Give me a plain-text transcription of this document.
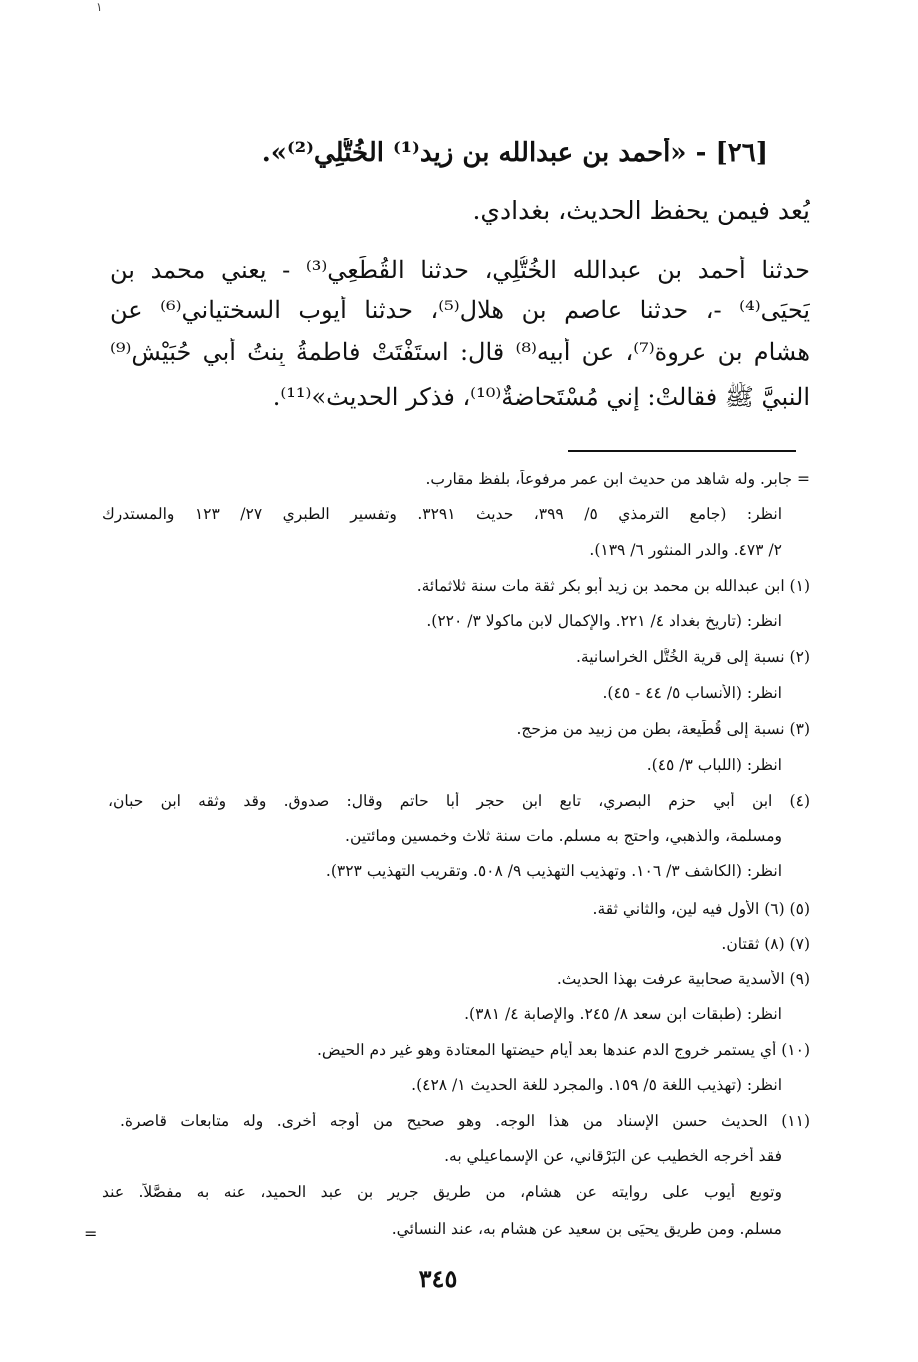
١
[٢٦] - «أحمد بن عبدالله بن زيد⁽¹⁾ الخُتُّلِي⁽²⁾».
يُعد فيمن يحفظ الحديث، بغدادي.
حدثنا أحمد بن عبدالله الخُتُّلِي، حدثنا القُطَعِي⁽³⁾ - يعني محمد بن
يَحيَى⁽⁴⁾ -، حدثنا عاصم بن هلال⁽⁵⁾، حدثنا أيوب السختياني⁽⁶⁾ عن
هشام بن عروة⁽⁷⁾، عن أبيه⁽⁸⁾ قال: استَفْتَتْ فاطمةُ بِنتُ أبي حُبَيْشٍ⁽⁹⁾
النبيَّ ﷺ فقالتْ: إني مُسْتَحاضةٌ⁽¹⁰⁾، فذكر الحديث»⁽¹¹⁾.
= جابر. وله شاهد من حديث ابن عمر مرفوعاً، بلفظ مقارب.
انظر: (جامع الترمذي ٥/ ٣٩٩، حديث ٣٢٩١. وتفسير الطبري ٢٧/ ١٢٣ والمستدرك
٢/ ٤٧٣. والدر المنثور ٦/ ١٣٩).
(١) ابن عبدالله بن محمد بن زيد أبو بكر ثقة مات سنة ثلاثمائة.
انظر: (تاريخ بغداد ٤/ ٢٢١. والإكمال لابن ماكولا ٣/ ٢٢٠).
(٢) نسبة إلى قرية الخُتُّل الخراسانية.
انظر: (الأنساب ٥/ ٤٤ - ٤٥).
(٣) نسبة إلى قُطَيعة، بطن من زبيد من مزحج.
انظر: (اللباب ٣/ ٤٥).
(٤) ابن أبي حزم البصري، تابع ابن حجر أبا حاتم وقال: صدوق. وقد وثقه ابن حبان،
ومسلمة، والذهبي، واحتج به مسلم. مات سنة ثلاث وخمسين ومائتين.
انظر: (الكاشف ٣/ ١٠٦. وتهذيب التهذيب ٩/ ٥٠٨. وتقريب التهذيب ٣٢٣).
(٥) (٦) الأول فيه لين، والثاني ثقة.
(٧) (٨) ثقتان.
(٩) الأسدية صحابية عرفت بهذا الحديث.
انظر: (طبقات ابن سعد ٨/ ٢٤٥. والإصابة ٤/ ٣٨١).
(١٠) أي يستمر خروج الدم عندها بعد أيام حيضتها المعتادة وهو غير دم الحيض.
انظر: (تهذيب اللغة ٥/ ١٥٩. والمجرد للغة الحديث ١/ ٤٢٨).
(١١) الحديث حسن الإسناد من هذا الوجه. وهو صحيح من أوجه أخرى. وله متابعات قاصرة.
فقد أخرجه الخطيب عن البَرْقاني، عن الإسماعيلي به.
وتوبع أيوب على روايته عن هشام، من طريق جرير بن عبد الحميد، عنه به مفصَّلاً. عند
مسلم. ومن طريق يحيَى بن سعيد عن هشام به، عند النسائي.
=
٣٤٥
